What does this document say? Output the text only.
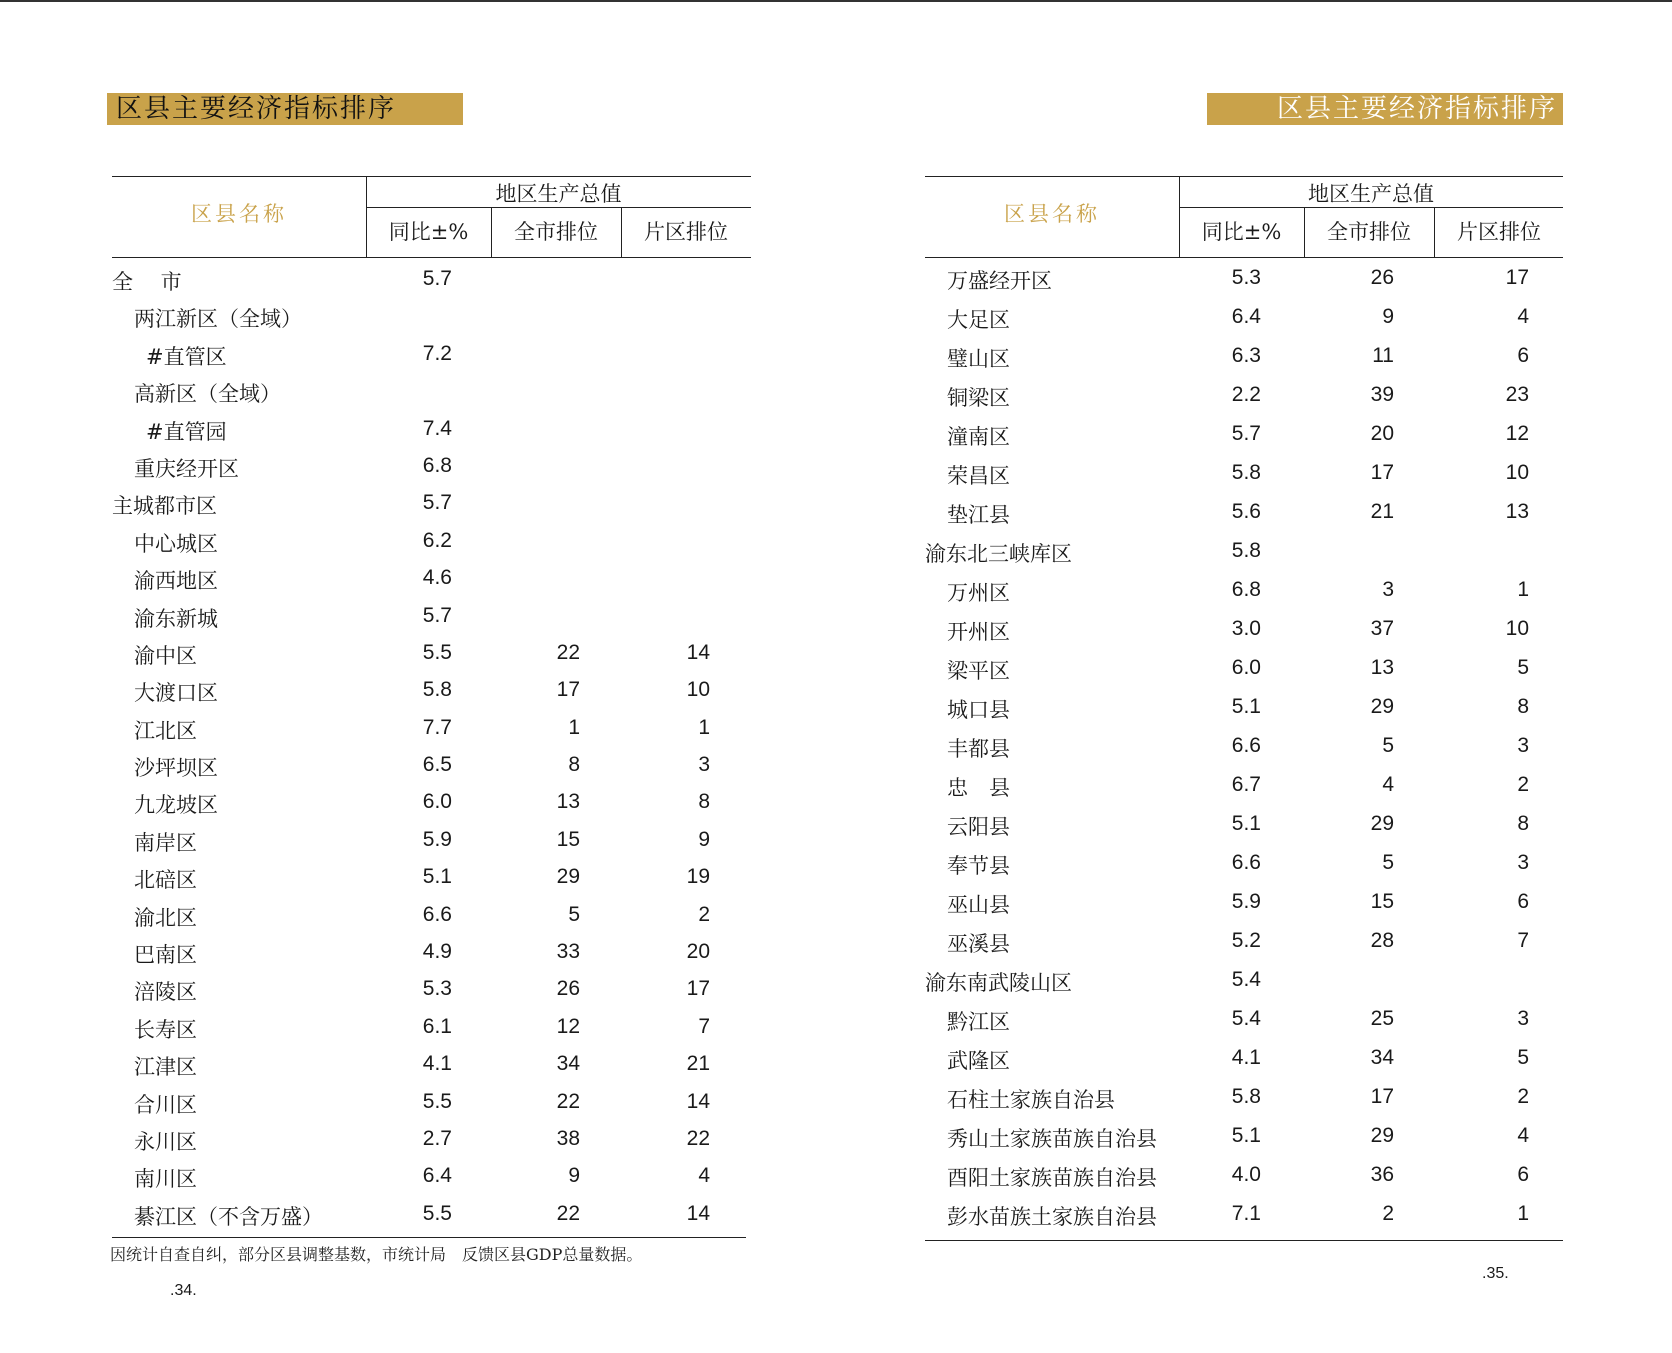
区县主要经济指标排序
区县名称
地区生产总值
同比±%	全市排位	片区排位
全　 市	5.7
两江新区（全域）
#直管区	7.2
高新区（全域）
#直管园	7.4
重庆经开区	6.8
主城都市区	5.7
中心城区	6.2
渝西地区	4.6
渝东新城	5.7
渝中区	5.5	22	14
大渡口区	5.8	17	10
江北区	7.7	1	1
沙坪坝区	6.5	8	3
九龙坡区	6.0	13	8
南岸区	5.9	15	9
北碚区	5.1	29	19
渝北区	6.6	5	2
巴南区	4.9	33	20
涪陵区	5.3	26	17
长寿区	6.1	12	7
江津区	4.1	34	21
合川区	5.5	22	14
永川区	2.7	38	22
南川区	6.4	9	4
綦江区（不含万盛）	5.5	22	14
因统计自查自纠，部分区县调整基数，市统计局　反馈区县GDP总量数据。
.34.
区县主要经济指标排序
区县名称
地区生产总值
同比±%	全市排位	片区排位
万盛经开区	5.3	26	17
大足区	6.4	9	4
璧山区	6.3	11	6
铜梁区	2.2	39	23
潼南区	5.7	20	12
荣昌区	5.8	17	10
垫江县	5.6	21	13
渝东北三峡库区	5.8
万州区	6.8	3	1
开州区	3.0	37	10
梁平区	6.0	13	5
城口县	5.1	29	8
丰都县	6.6	5	3
忠　县	6.7	4	2
云阳县	5.1	29	8
奉节县	6.6	5	3
巫山县	5.9	15	6
巫溪县	5.2	28	7
渝东南武陵山区	5.4
黔江区	5.4	25	3
武隆区	4.1	34	5
石柱土家族自治县	5.8	17	2
秀山土家族苗族自治县	5.1	29	4
酉阳土家族苗族自治县	4.0	36	6
彭水苗族土家族自治县	7.1	2	1
.35.
